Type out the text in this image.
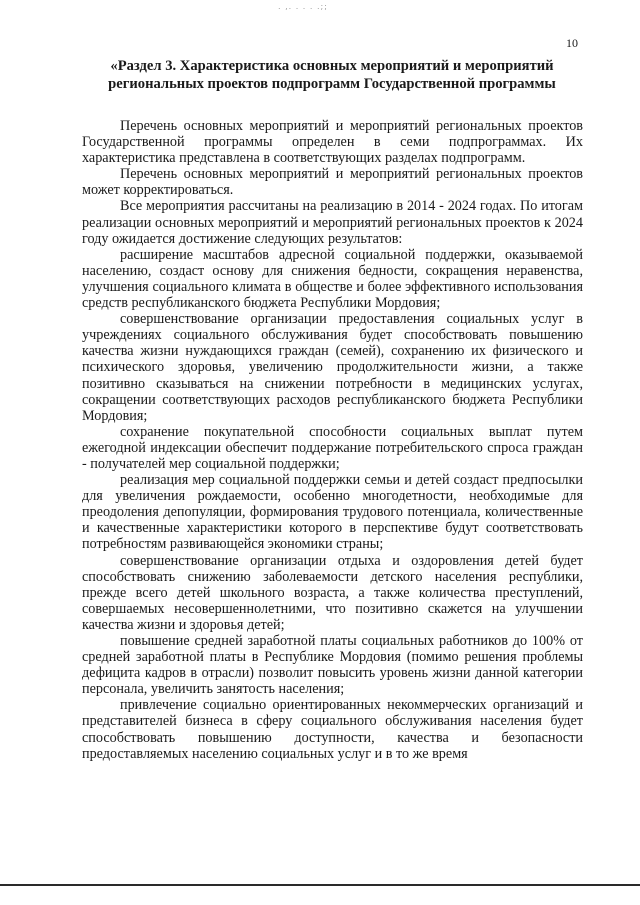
. ,. . . . .;;
10
«Раздел 3. Характеристика основных мероприятий и мероприятий региональных проектов подпрограмм Государственной программы

Перечень основных мероприятий и мероприятий региональных проектов Государственной программы определен в семи подпрограммах. Их характеристика представлена в соответствующих разделах подпрограмм.

Перечень основных мероприятий и мероприятий региональных проектов может корректироваться.

Все мероприятия рассчитаны на реализацию в 2014 - 2024 годах. По итогам реализации основных мероприятий и мероприятий региональных проектов к 2024 году ожидается достижение следующих результатов:

расширение масштабов адресной социальной поддержки, оказываемой населению, создаст основу для снижения бедности, сокращения неравенства, улучшения социального климата в обществе и более эффективного использования средств республиканского бюджета Республики Мордовия;

совершенствование организации предоставления социальных услуг в учреждениях социального обслуживания будет способствовать повышению качества жизни нуждающихся граждан (семей), сохранению их физического и психического здоровья, увеличению продолжительности жизни, а также позитивно сказываться на снижении потребности в медицинских услугах, сокращении соответствующих расходов республиканского бюджета Республики Мордовия;

сохранение покупательной способности социальных выплат путем ежегодной индексации обеспечит поддержание потребительского спроса граждан - получателей мер социальной поддержки;

реализация мер социальной поддержки семьи и детей создаст предпосылки для увеличения рождаемости, особенно многодетности, необходимые для преодоления депопуляции, формирования трудового потенциала, количественные и качественные характеристики которого в перспективе будут соответствовать потребностям развивающейся экономики страны;

совершенствование организации отдыха и оздоровления детей будет способствовать снижению заболеваемости детского населения республики, прежде всего детей школьного возраста, а также количества преступлений, совершаемых несовершеннолетними, что позитивно скажется на улучшении качества жизни и здоровья детей;

повышение средней заработной платы социальных работников до 100% от средней заработной платы в Республике Мордовия (помимо решения проблемы дефицита кадров в отрасли) позволит повысить уровень жизни данной категории персонала, увеличить занятость населения;

привлечение социально ориентированных некоммерческих организаций и представителей бизнеса в сферу социального обслуживания населения будет способствовать повышению доступности, качества и безопасности предоставляемых населению социальных услуг и в то же время
